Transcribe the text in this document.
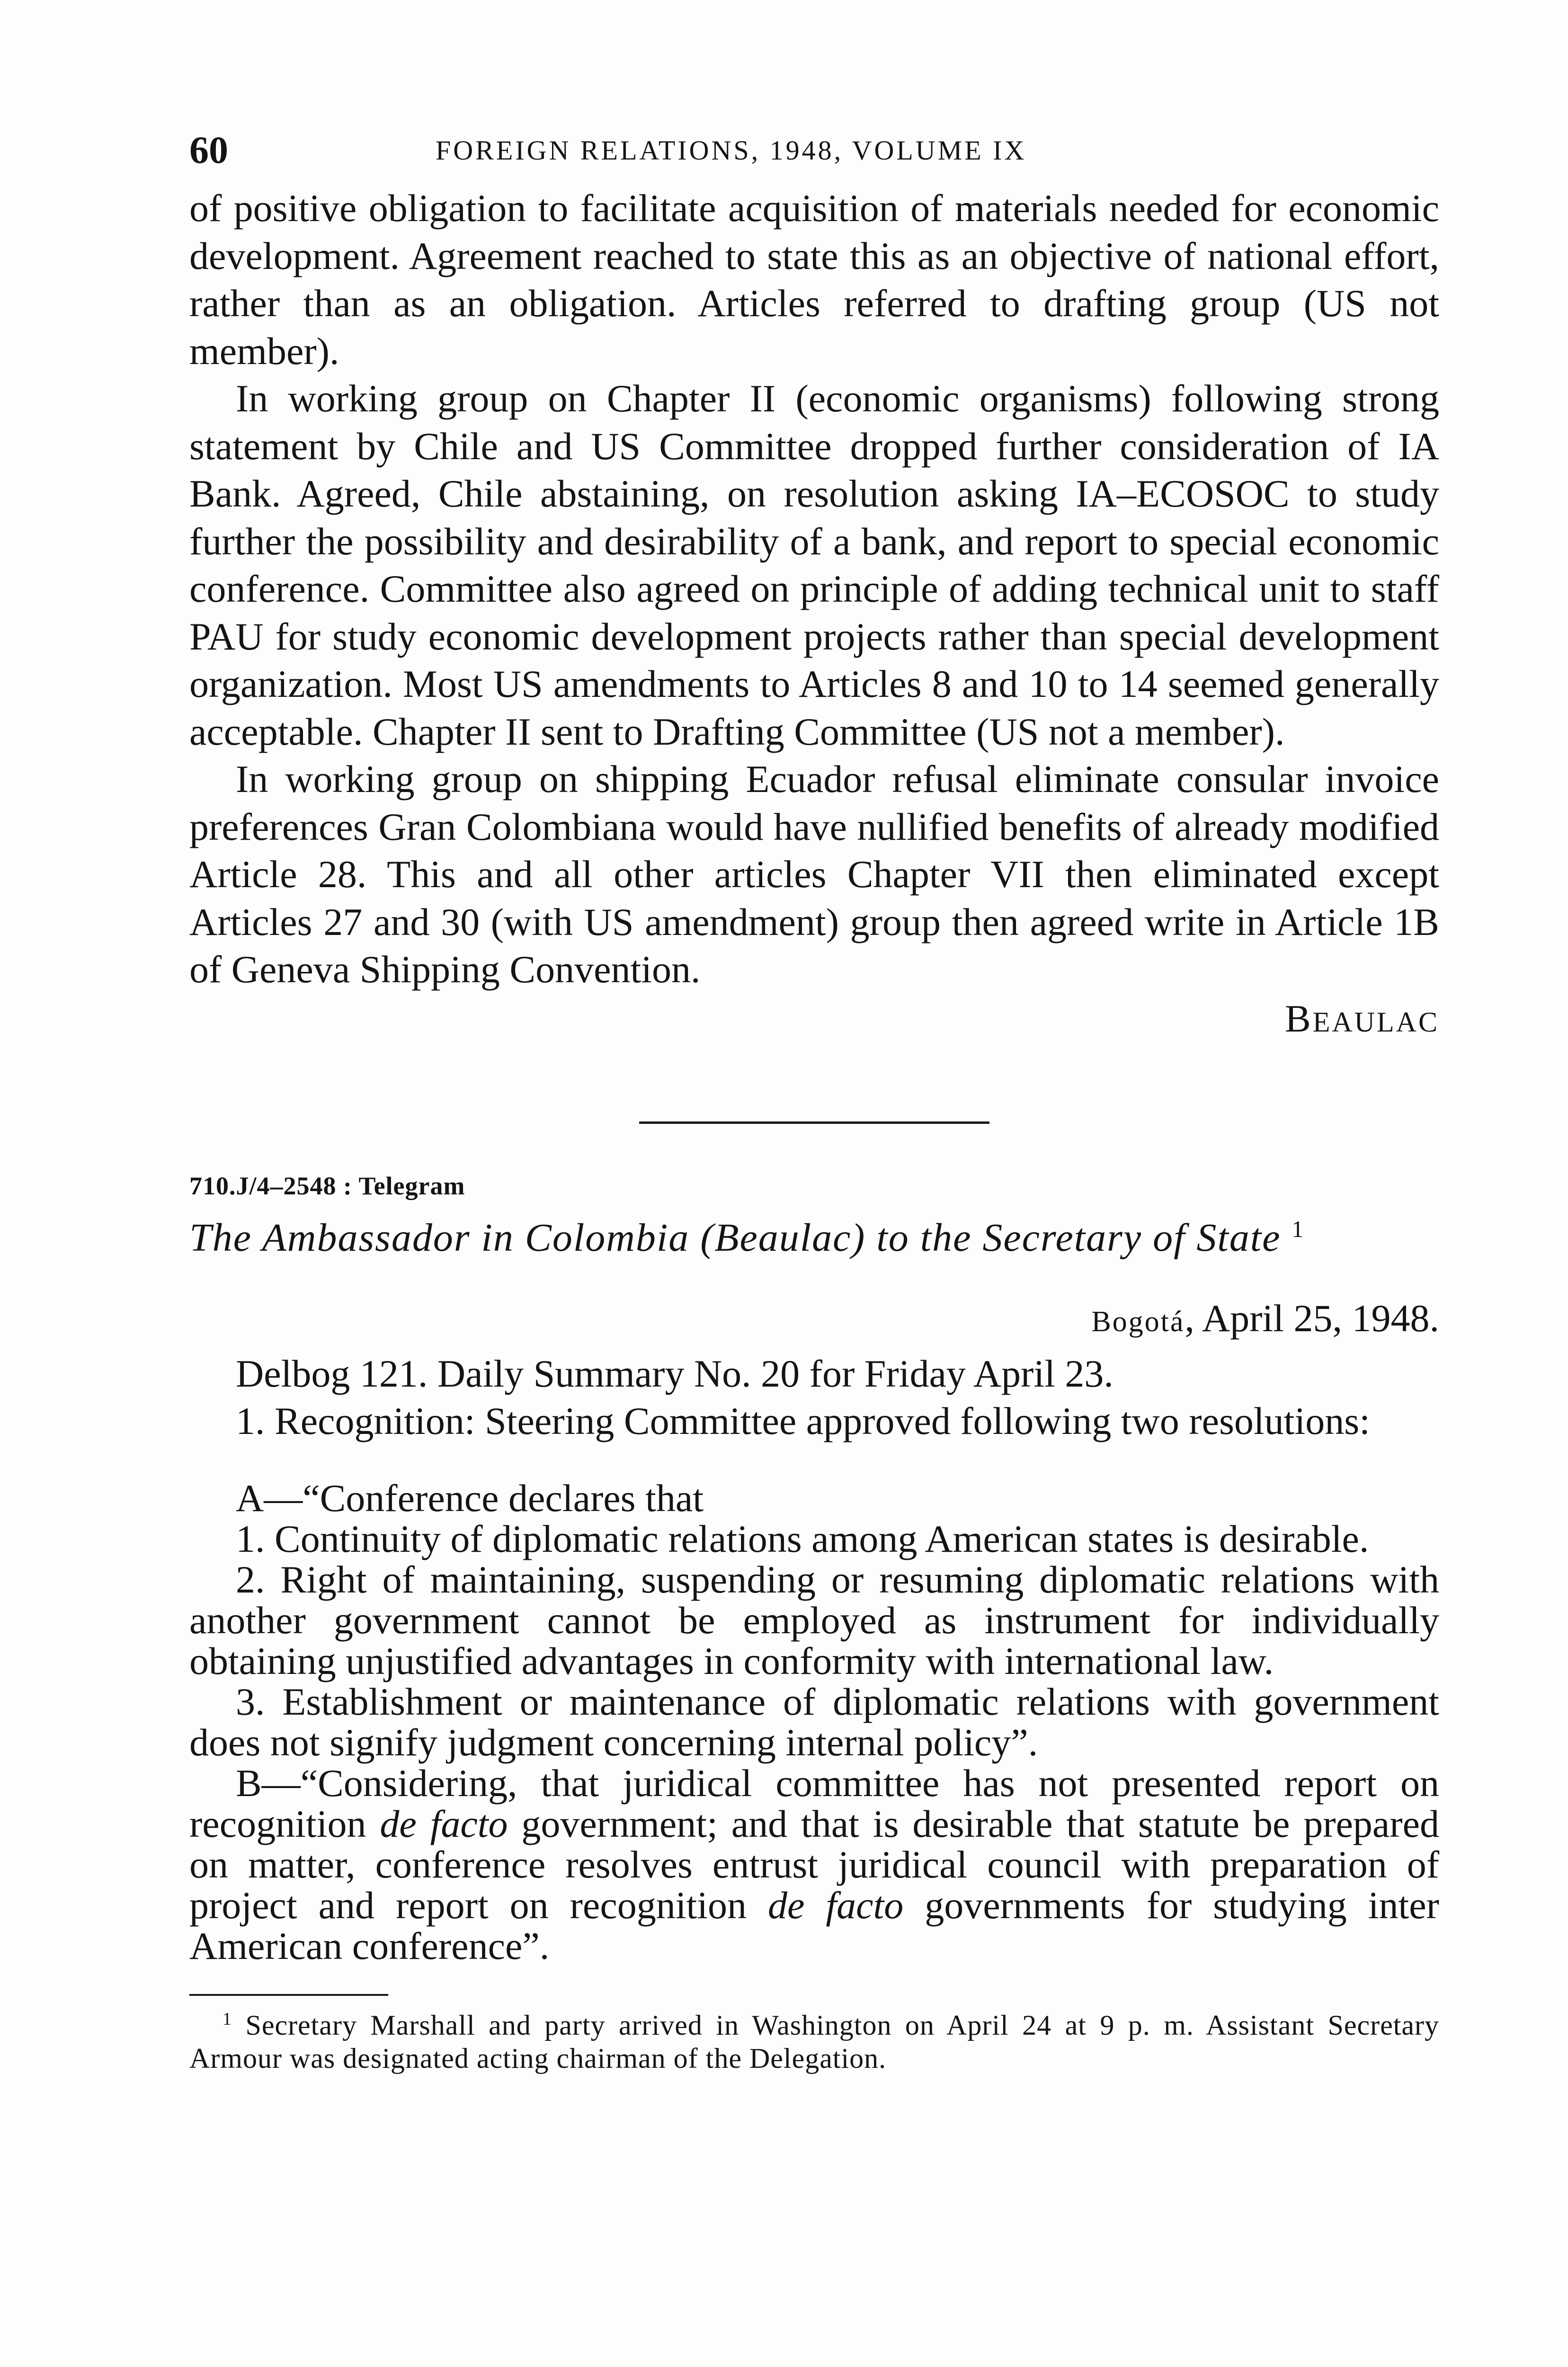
60	FOREIGN RELATIONS, 1948, VOLUME IX

of positive obligation to facilitate acquisition of materials needed for economic development. Agreement reached to state this as an objective of national effort, rather than as an obligation. Articles referred to drafting group (US not member).

In working group on Chapter II (economic organisms) following strong statement by Chile and US Committee dropped further consideration of IA Bank. Agreed, Chile abstaining, on resolution asking IA–ECOSOC to study further the possibility and desirability of a bank, and report to special economic conference. Committee also agreed on principle of adding technical unit to staff PAU for study economic development projects rather than special development organization. Most US amendments to Articles 8 and 10 to 14 seemed generally acceptable. Chapter II sent to Drafting Committee (US not a member).

In working group on shipping Ecuador refusal eliminate consular invoice preferences Gran Colombiana would have nullified benefits of already modified Article 28. This and all other articles Chapter VII then eliminated except Articles 27 and 30 (with US amendment) group then agreed write in Article 1B of Geneva Shipping Convention.

BEAULAC
710.J/4–2548 : Telegram
The Ambassador in Colombia (Beaulac) to the Secretary of State $^1$
Bogotá, April 25, 1948.

Delbog 121. Daily Summary No. 20 for Friday April 23.

1. Recognition: Steering Committee approved following two resolutions:

A—“Conference declares that

1. Continuity of diplomatic relations among American states is desirable.

2. Right of maintaining, suspending or resuming diplomatic relations with another government cannot be employed as instrument for individually obtaining unjustified advantages in conformity with international law.

3. Establishment or maintenance of diplomatic relations with government does not signify judgment concerning internal policy”.

B—“Considering, that juridical committee has not presented report on recognition de facto government; and that is desirable that statute be prepared on matter, conference resolves entrust juridical council with preparation of project and report on recognition de facto governments for studying inter American conference”.

$^1$ Secretary Marshall and party arrived in Washington on April 24 at 9 p. m. Assistant Secretary Armour was designated acting chairman of the Delegation.
